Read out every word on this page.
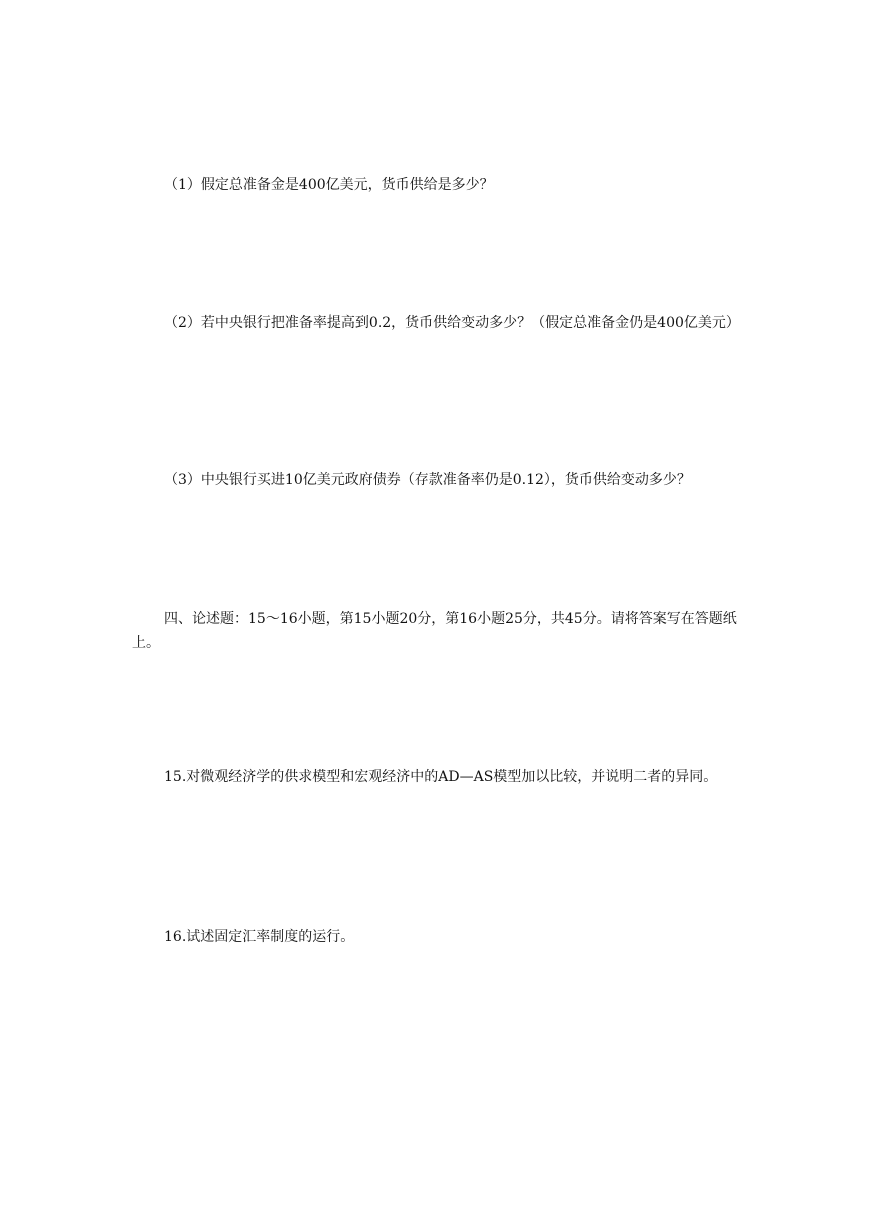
（1）假定总准备金是400亿美元，货币供给是多少？

（2）若中央银行把准备率提高到0.2，货币供给变动多少？（假定总准备金仍是400亿美元）

（3）中央银行买进10亿美元政府债券（存款准备率仍是0.12），货币供给变动多少？

四、论述题：15～16小题，第15小题20分，第16小题25分，共45分。请将答案写在答题纸上。

15.对微观经济学的供求模型和宏观经济中的AD—AS模型加以比较，并说明二者的异同。

16.试述固定汇率制度的运行。
